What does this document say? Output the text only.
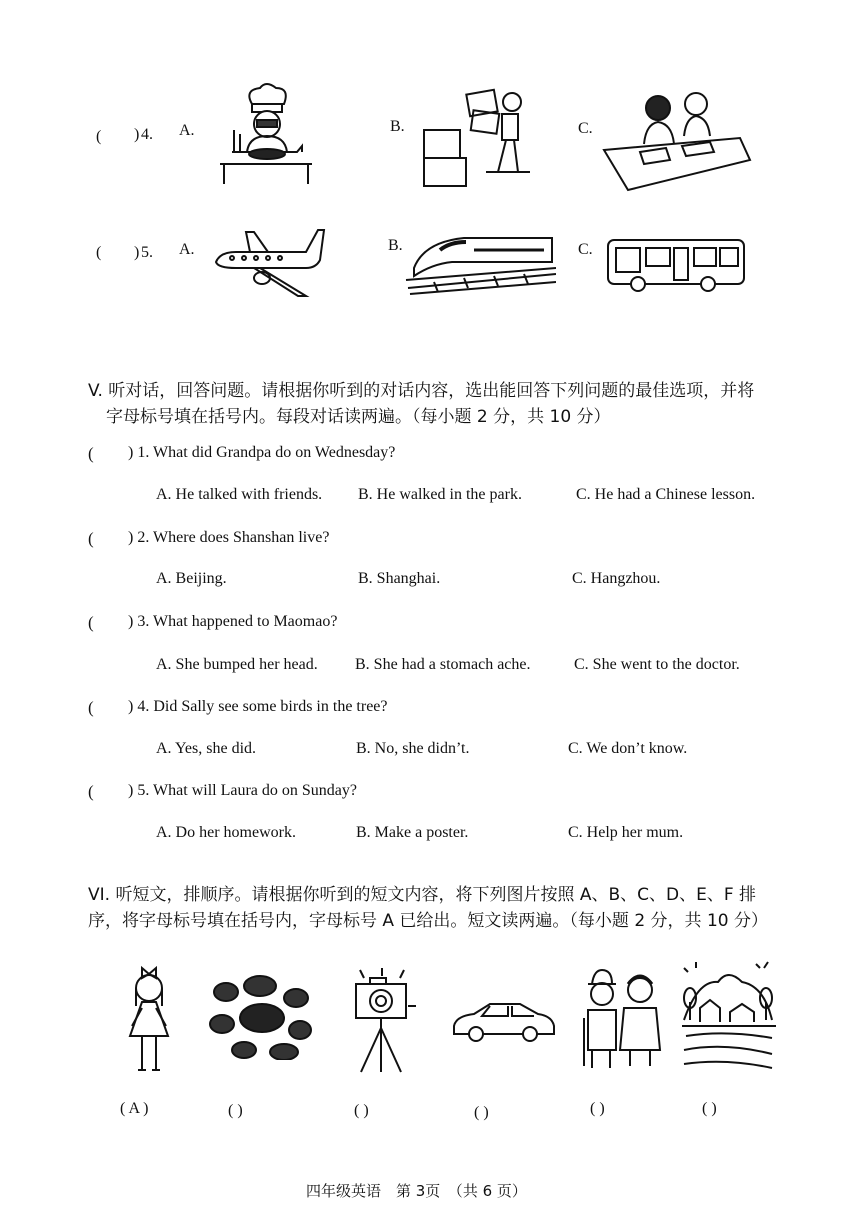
( ) 4. A.	B.	C.
( ) 5. A.	B.	C.
V. 听对话，回答问题。请根据你听到的对话内容，选出能回答下列问题的最佳选项，并将
字母标号填在括号内。每段对话读两遍。（每小题 2 分，共 10 分）
( ) 1. What did Grandpa do on Wednesday?
A. He talked with friends. B. He walked in the park.	C. He had a Chinese lesson.
( ) 2. Where does Shanshan live?
A. Beijing.	B. Shanghai.	C. Hangzhou.
( ) 3. What happened to Maomao?
A. She bumped her head. B. She had a stomach ache.	C. She went to the doctor.
( ) 4. Did Sally see some birds in the tree?
A. Yes, she did.	B. No, she didn’t.	C. We don’t know.
( ) 5. What will Laura do on Sunday?
A. Do her homework.	B. Make a poster.	C. Help her mum.
VI. 听短文，排顺序。请根据你听到的短文内容，将下列图片按照 A、B、C、D、E、F 排
序，将字母标号填在括号内，字母标号 A 已给出。短文读两遍。（每小题 2 分，共 10 分）
( A )	( )	( )	( )	( )	( )
四年级英语　第 3页　（共 6 页）
